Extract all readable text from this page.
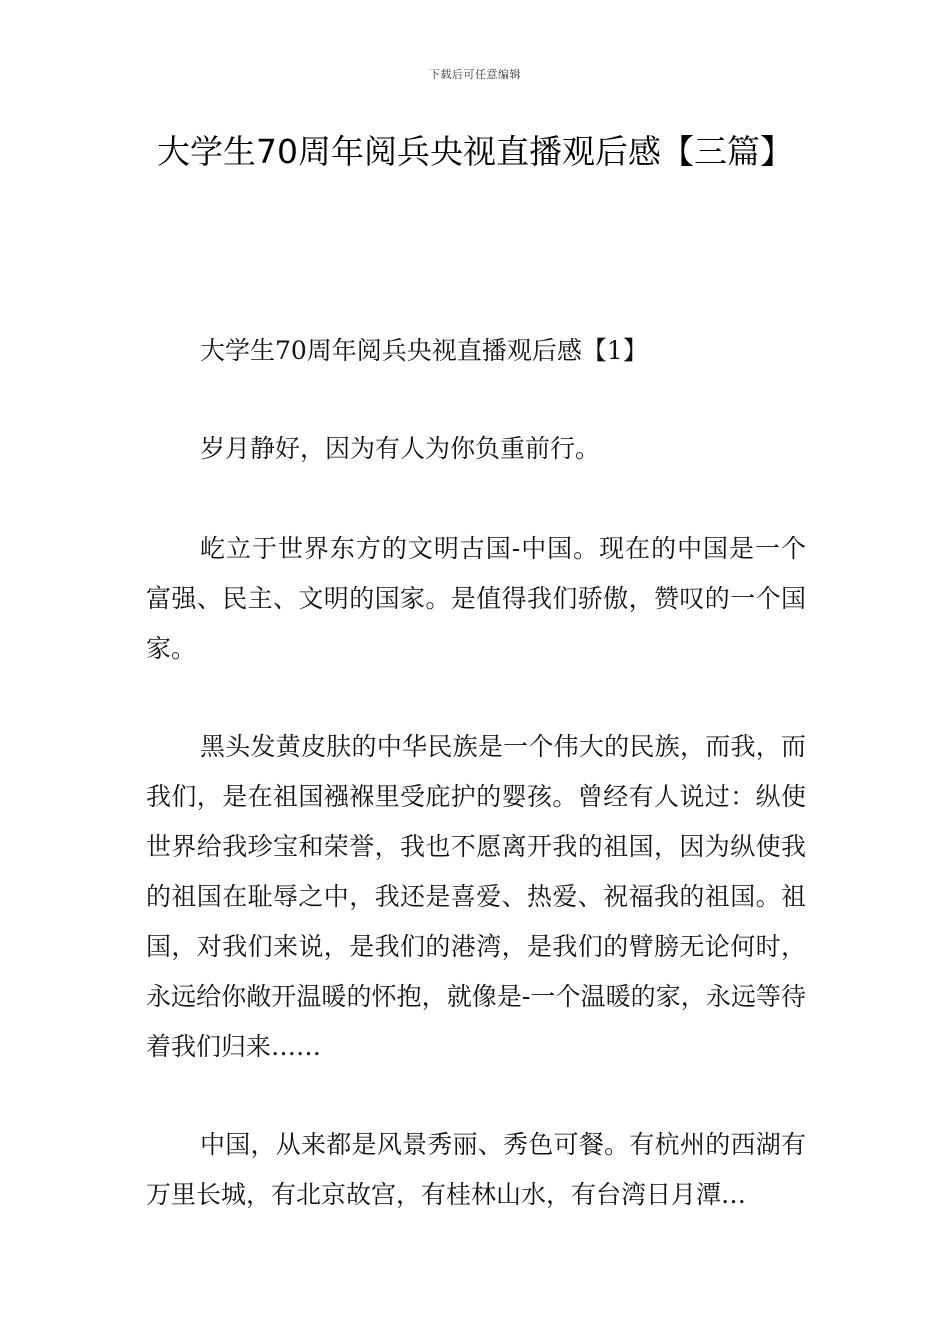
下载后可任意编辑
大学生70周年阅兵央视直播观后感【三篇】

大学生70周年阅兵央视直播观后感【1】

岁月静好，因为有人为你负重前行。

屹立于世界东方的文明古国-中国。现在的中国是一个富强、民主、文明的国家。是值得我们骄傲，赞叹的一个国家。

黑头发黄皮肤的中华民族是一个伟大的民族，而我，而我们，是在祖国襁褓里受庇护的婴孩。曾经有人说过：纵使世界给我珍宝和荣誉，我也不愿离开我的祖国，因为纵使我的祖国在耻辱之中，我还是喜爱、热爱、祝福我的祖国。祖国，对我们来说，是我们的港湾，是我们的臂膀无论何时，永远给你敞开温暖的怀抱，就像是-一个温暖的家，永远等待着我们归来……

中国，从来都是风景秀丽、秀色可餐。有杭州的西湖有万里长城，有北京故宫，有桂林山水，有台湾日月潭…
